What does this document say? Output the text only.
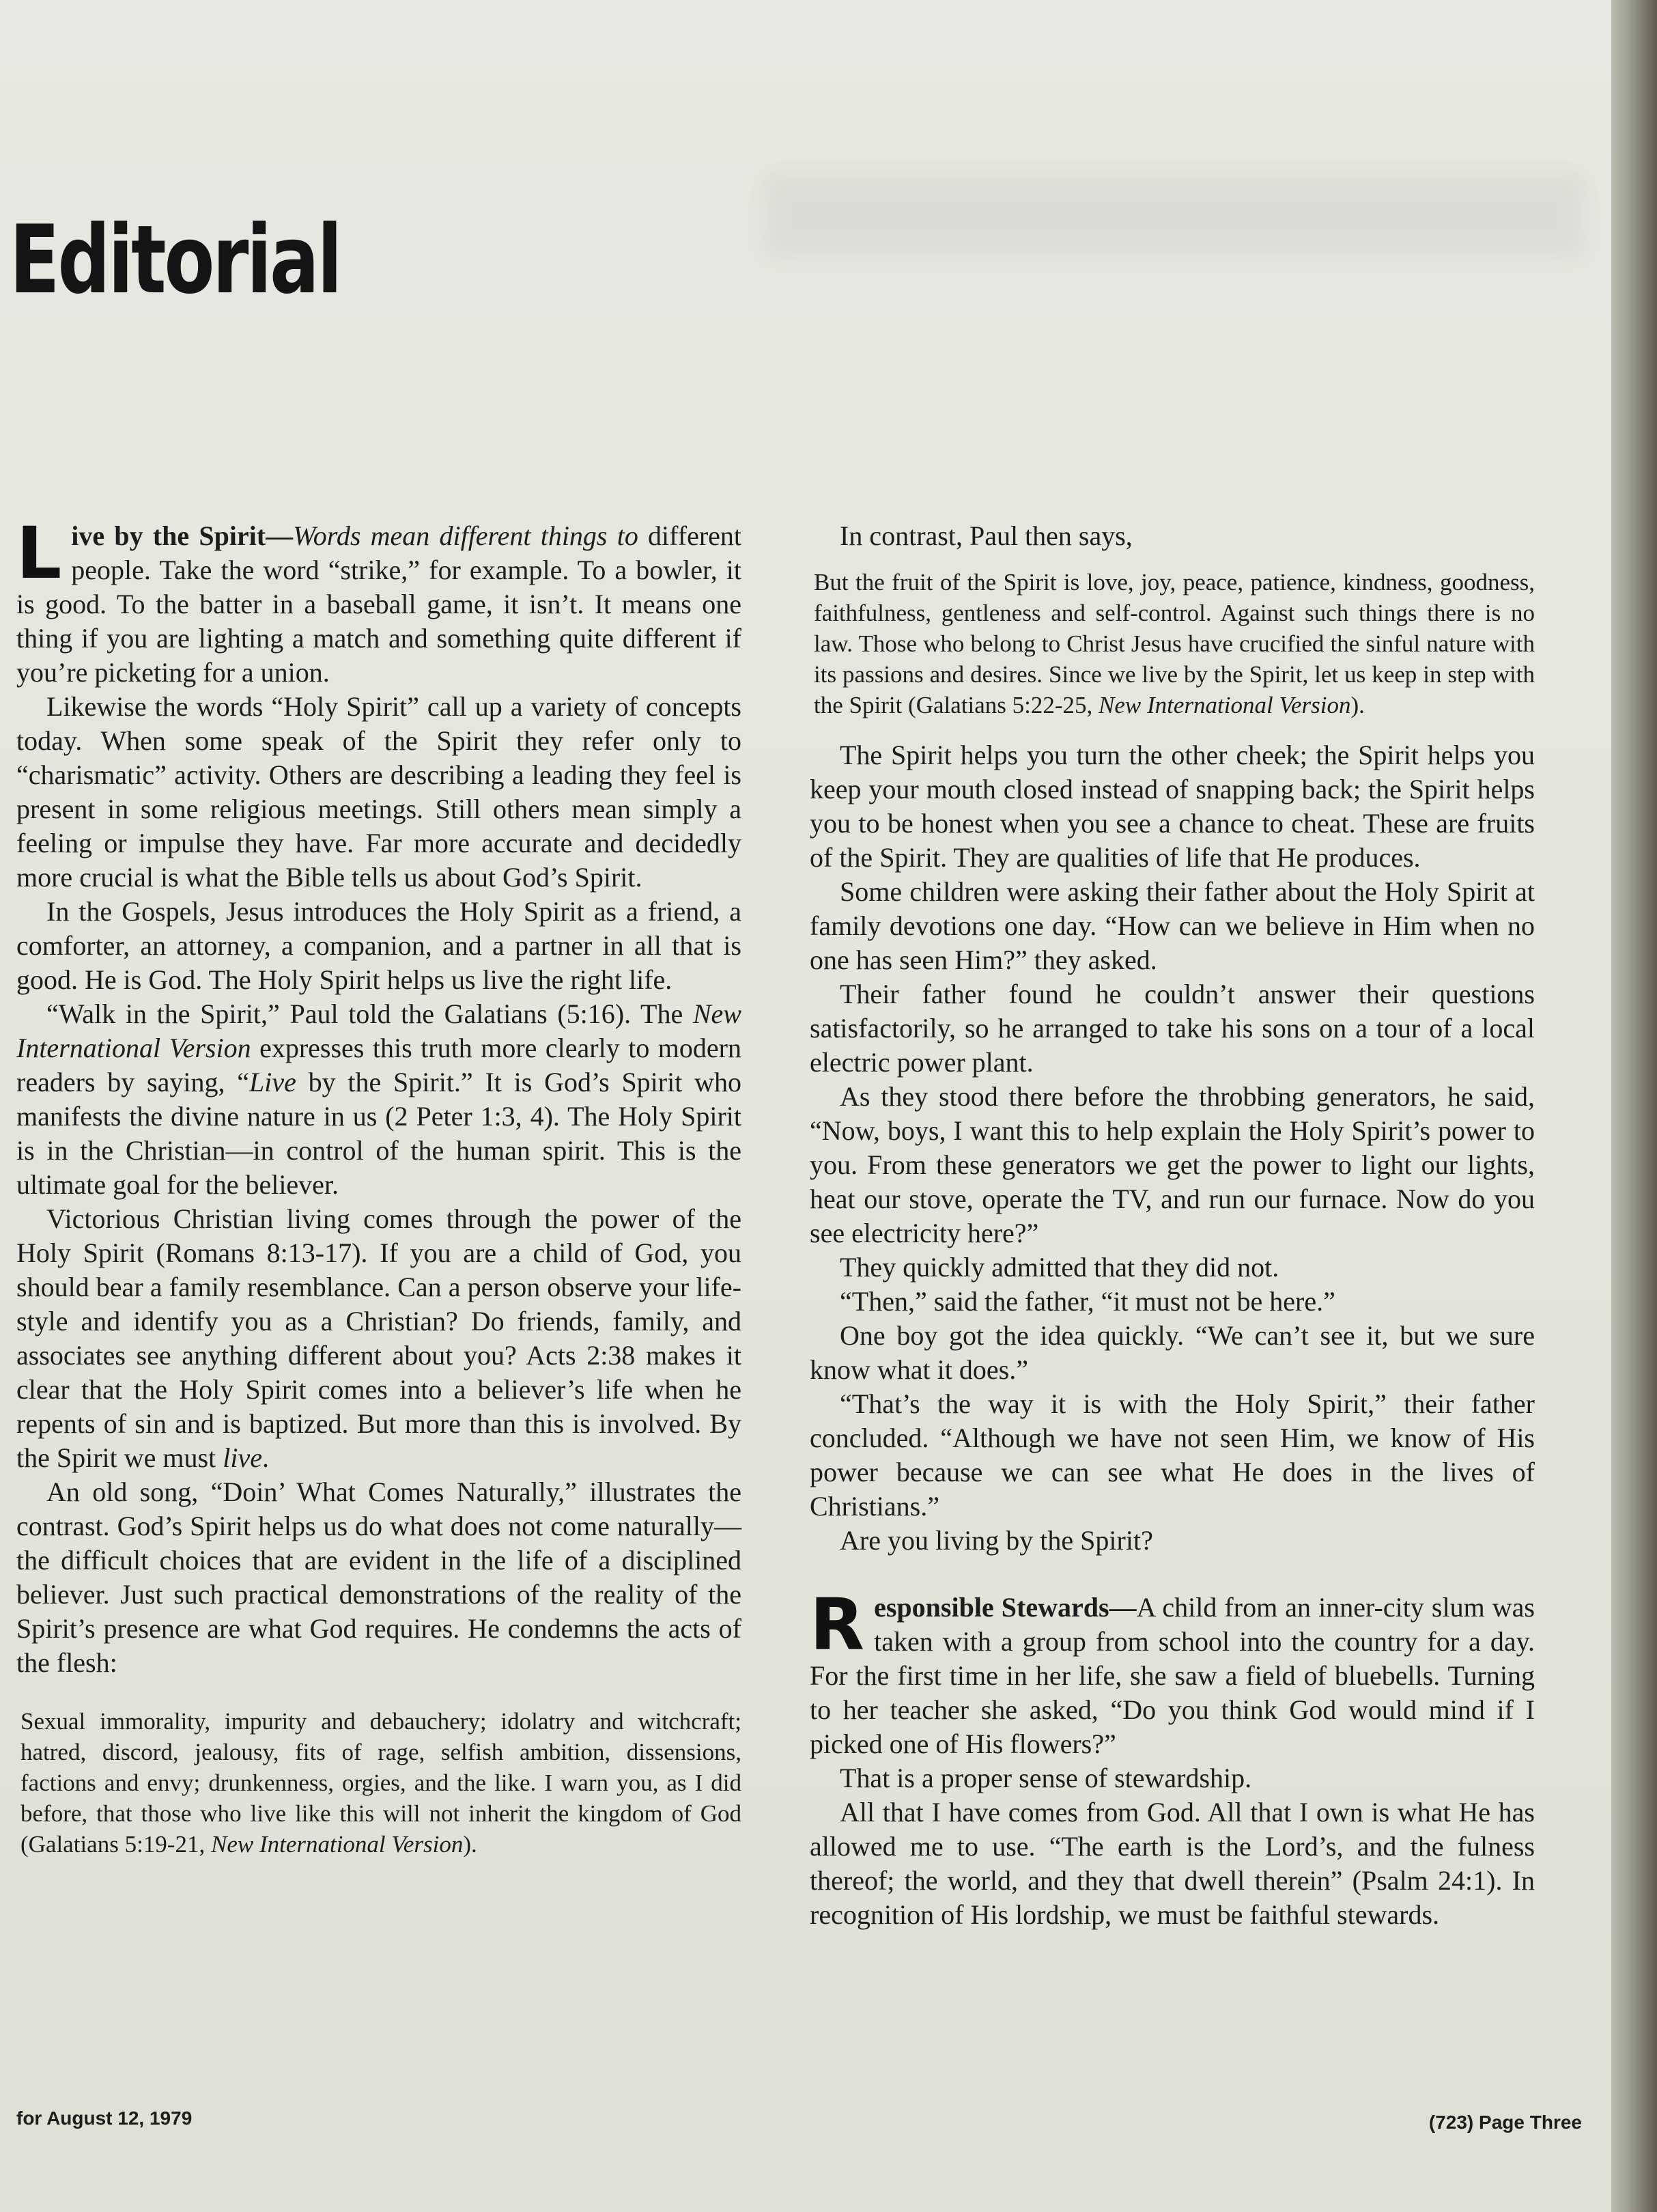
Editorial

Live by the Spirit—Words mean different things to different people. Take the word “strike,” for example. To a bowler, it is good. To the batter in a baseball game, it isn’t. It means one thing if you are lighting a match and something quite different if you’re picketing for a union.

Likewise the words “Holy Spirit” call up a variety of concepts today. When some speak of the Spirit they refer only to “charismatic” activity. Others are describing a leading they feel is present in some religious meetings. Still others mean simply a feeling or impulse they have. Far more accurate and decidedly more crucial is what the Bible tells us about God’s Spirit.

In the Gospels, Jesus introduces the Holy Spirit as a friend, a comforter, an attorney, a companion, and a partner in all that is good. He is God. The Holy Spirit helps us live the right life.

“Walk in the Spirit,” Paul told the Galatians (5:16). The New International Version expresses this truth more clearly to modern readers by saying, “Live by the Spirit.” It is God’s Spirit who manifests the divine nature in us (2 Peter 1:3, 4). The Holy Spirit is in the Christian—in control of the human spirit. This is the ultimate goal for the believer.

Victorious Christian living comes through the power of the Holy Spirit (Romans 8:13-17). If you are a child of God, you should bear a family resemblance. Can a person observe your life-style and identify you as a Christian? Do friends, family, and associates see anything different about you? Acts 2:38 makes it clear that the Holy Spirit comes into a believer’s life when he repents of sin and is baptized. But more than this is involved. By the Spirit we must live.

An old song, “Doin’ What Comes Naturally,” illustrates the contrast. God’s Spirit helps us do what does not come naturally—the difficult choices that are evident in the life of a disciplined believer. Just such practical demonstrations of the reality of the Spirit’s presence are what God requires. He condemns the acts of the flesh:

Sexual immorality, impurity and debauchery; idolatry and witchcraft; hatred, discord, jealousy, fits of rage, selfish ambition, dissensions, factions and envy; drunkenness, orgies, and the like. I warn you, as I did before, that those who live like this will not inherit the kingdom of God (Galatians 5:19-21, New International Version).

In contrast, Paul then says,

But the fruit of the Spirit is love, joy, peace, patience, kindness, goodness, faithfulness, gentleness and self-control. Against such things there is no law. Those who belong to Christ Jesus have crucified the sinful nature with its passions and desires. Since we live by the Spirit, let us keep in step with the Spirit (Galatians 5:22-25, New International Version).

The Spirit helps you turn the other cheek; the Spirit helps you keep your mouth closed instead of snapping back; the Spirit helps you to be honest when you see a chance to cheat. These are fruits of the Spirit. They are qualities of life that He produces.

Some children were asking their father about the Holy Spirit at family devotions one day. “How can we believe in Him when no one has seen Him?” they asked.

Their father found he couldn’t answer their questions satisfactorily, so he arranged to take his sons on a tour of a local electric power plant.

As they stood there before the throbbing generators, he said, “Now, boys, I want this to help explain the Holy Spirit’s power to you. From these generators we get the power to light our lights, heat our stove, operate the TV, and run our furnace. Now do you see electricity here?”

They quickly admitted that they did not.

“Then,” said the father, “it must not be here.”

One boy got the idea quickly. “We can’t see it, but we sure know what it does.”

“That’s the way it is with the Holy Spirit,” their father concluded. “Although we have not seen Him, we know of His power because we can see what He does in the lives of Christians.”

Are you living by the Spirit?

Responsible Stewards—A child from an inner-city slum was taken with a group from school into the country for a day. For the first time in her life, she saw a field of bluebells. Turning to her teacher she asked, “Do you think God would mind if I picked one of His flowers?”

That is a proper sense of stewardship.

All that I have comes from God. All that I own is what He has allowed me to use. “The earth is the Lord’s, and the fulness thereof; the world, and they that dwell therein” (Psalm 24:1). In recognition of His lordship, we must be faithful stewards.

for August 12, 1979	(723) Page Three
